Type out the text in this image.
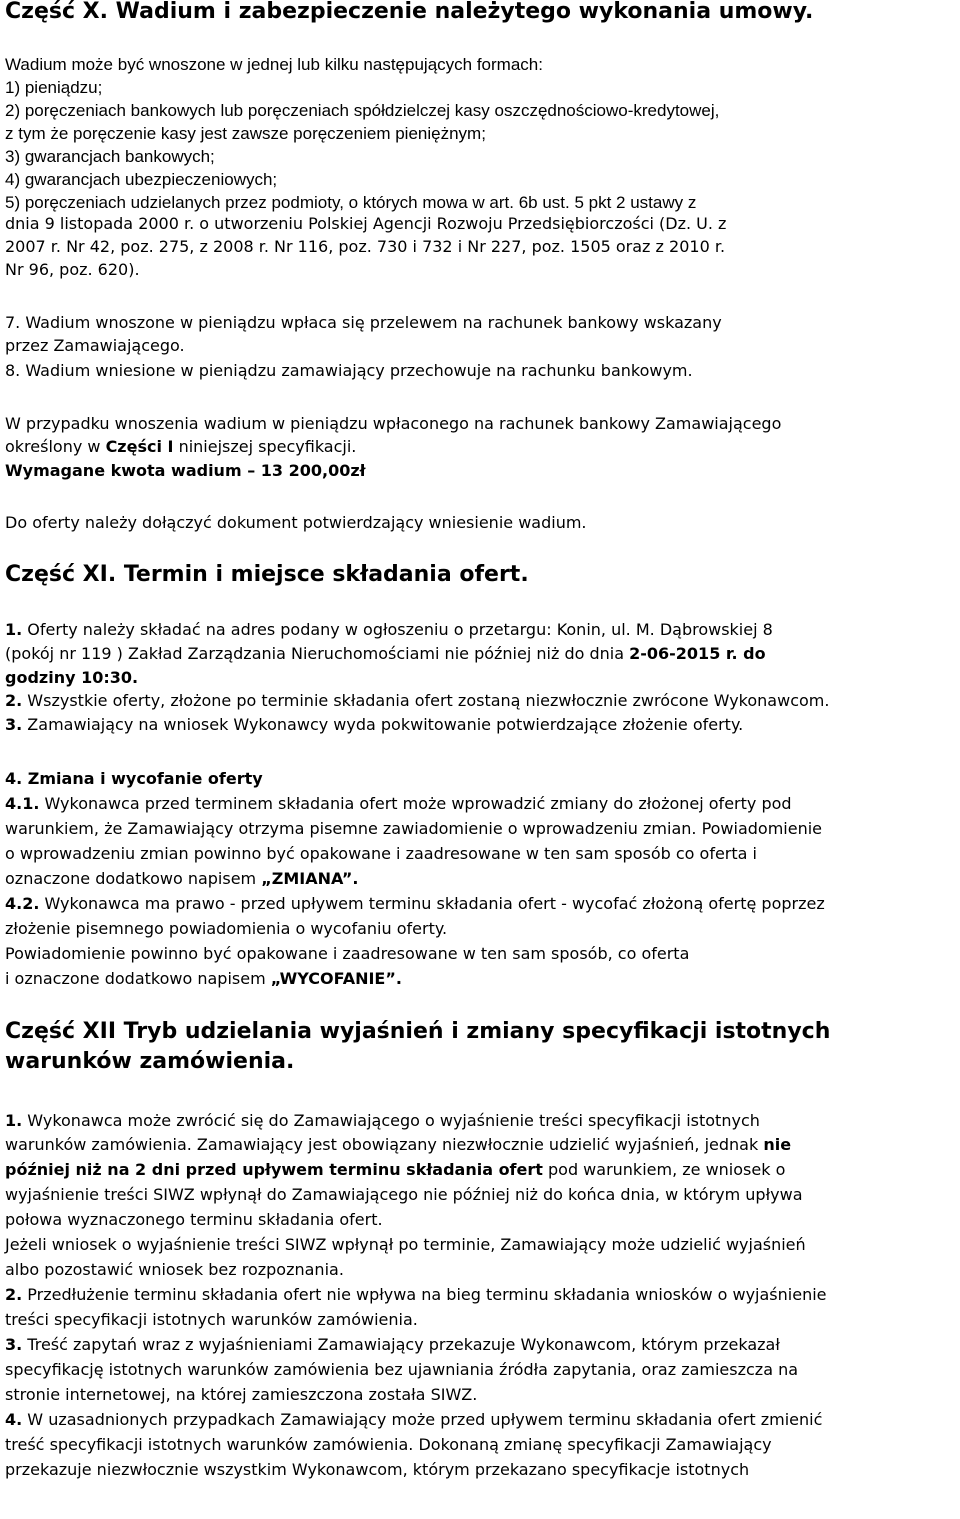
Część X. Wadium i zabezpieczenie należytego wykonania umowy.
Wadium może być wnoszone w jednej lub kilku następujących formach:
1) pieniądzu;
2) poręczeniach bankowych lub poręczeniach spółdzielczej kasy oszczędnościowo-kredytowej,
z tym że poręczenie kasy jest zawsze poręczeniem pieniężnym;
3) gwarancjach bankowych;
4) gwarancjach ubezpieczeniowych;
5) poręczeniach udzielanych przez podmioty, o których mowa w art. 6b ust. 5 pkt 2 ustawy z
dnia 9 listopada 2000 r. o utworzeniu Polskiej Agencji Rozwoju Przedsiębiorczości (Dz. U. z
2007 r. Nr 42, poz. 275, z 2008 r. Nr 116, poz. 730 i 732 i Nr 227, poz. 1505 oraz z 2010 r.
Nr 96, poz. 620).
7. Wadium wnoszone w pieniądzu wpłaca się przelewem na rachunek bankowy wskazany
przez Zamawiającego.
8. Wadium wniesione w pieniądzu zamawiający przechowuje na rachunku bankowym.
W przypadku wnoszenia wadium w pieniądzu wpłaconego na rachunek bankowy Zamawiającego
określony w Części I niniejszej specyfikacji.
Wymagane kwota wadium – 13 200,00zł
Do oferty należy dołączyć dokument potwierdzający wniesienie wadium.
Część XI. Termin i miejsce składania ofert.
1. Oferty należy składać na adres podany w ogłoszeniu o przetargu: Konin, ul. M. Dąbrowskiej 8
(pokój nr 119 ) Zakład Zarządzania Nieruchomościami nie później niż do dnia 2-06-2015 r. do
godziny 10:30.
2. Wszystkie oferty, złożone po terminie składania ofert zostaną niezwłocznie zwrócone Wykonawcom.
3. Zamawiający na wniosek Wykonawcy wyda pokwitowanie potwierdzające złożenie oferty.
4. Zmiana i wycofanie oferty
4.1. Wykonawca przed terminem składania ofert może wprowadzić zmiany do złożonej oferty pod
warunkiem, że Zamawiający otrzyma pisemne zawiadomienie o wprowadzeniu zmian. Powiadomienie
o wprowadzeniu zmian powinno być opakowane i zaadresowane w ten sam sposób co oferta i
oznaczone dodatkowo napisem „ZMIANA”.
4.2. Wykonawca ma prawo - przed upływem terminu składania ofert - wycofać złożoną ofertę poprzez
złożenie pisemnego powiadomienia o wycofaniu oferty.
Powiadomienie powinno być opakowane i zaadresowane w ten sam sposób, co oferta
i oznaczone dodatkowo napisem „WYCOFANIE”.
Część XII Tryb udzielania wyjaśnień i zmiany specyfikacji istotnych
warunków zamówienia.
1. Wykonawca może zwrócić się do Zamawiającego o wyjaśnienie treści specyfikacji istotnych
warunków zamówienia. Zamawiający jest obowiązany niezwłocznie udzielić wyjaśnień, jednak nie
później niż na 2 dni przed upływem terminu składania ofert pod warunkiem, ze wniosek o
wyjaśnienie treści SIWZ wpłynął do Zamawiającego nie później niż do końca dnia, w którym upływa
połowa wyznaczonego terminu składania ofert.
Jeżeli wniosek o wyjaśnienie treści SIWZ wpłynął po terminie, Zamawiający może udzielić wyjaśnień
albo pozostawić wniosek bez rozpoznania.
2. Przedłużenie terminu składania ofert nie wpływa na bieg terminu składania wniosków o wyjaśnienie
treści specyfikacji istotnych warunków zamówienia.
3. Treść zapytań wraz z wyjaśnieniami Zamawiający przekazuje Wykonawcom, którym przekazał
specyfikację istotnych warunków zamówienia bez ujawniania źródła zapytania, oraz zamieszcza na
stronie internetowej, na której zamieszczona została SIWZ.
4. W uzasadnionych przypadkach Zamawiający może przed upływem terminu składania ofert zmienić
treść specyfikacji istotnych warunków zamówienia. Dokonaną zmianę specyfikacji Zamawiający
przekazuje niezwłocznie wszystkim Wykonawcom, którym przekazano specyfikacje istotnych
